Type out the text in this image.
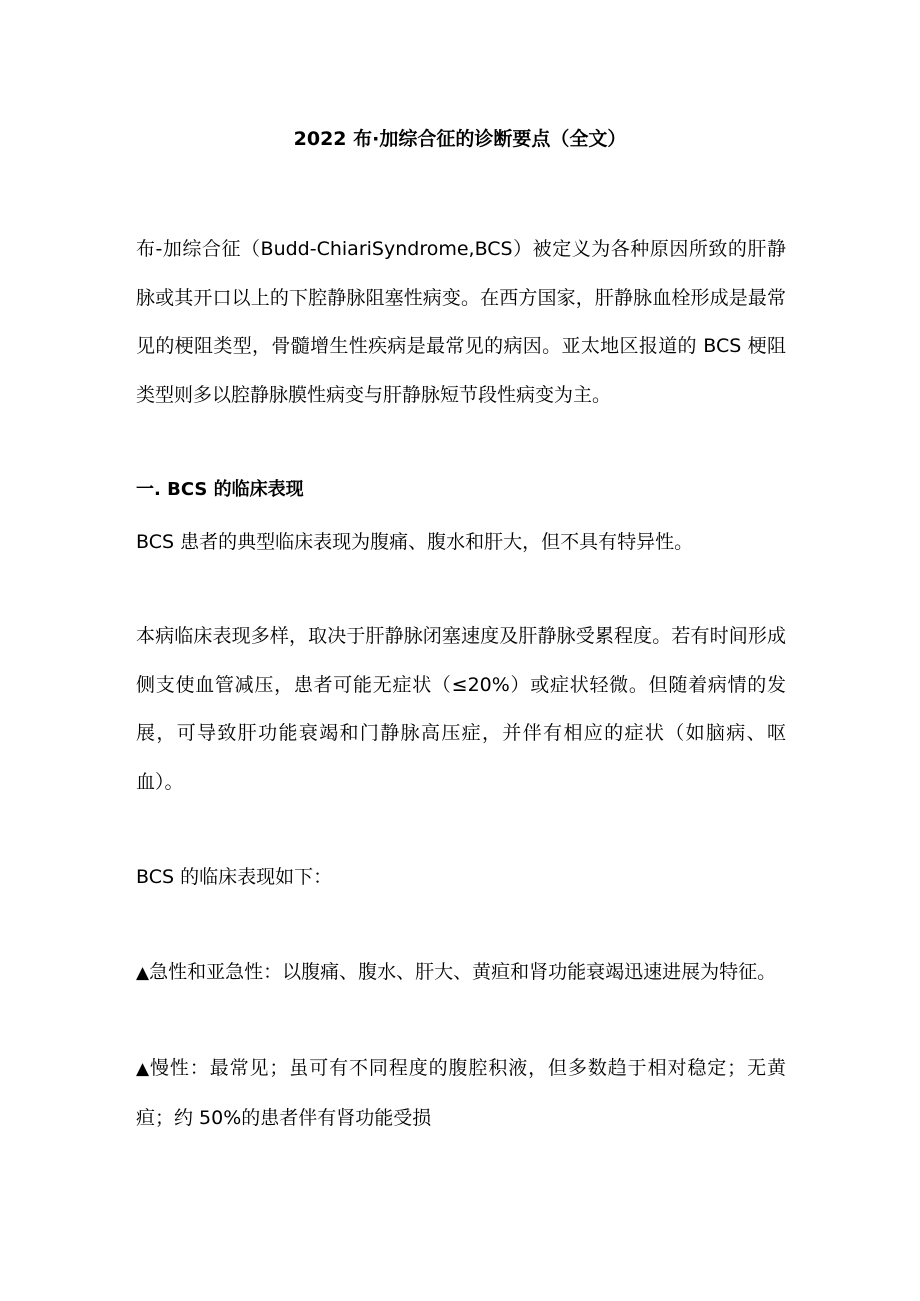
2022 布·加综合征的诊断要点（全文）
布-加综合征（Budd-ChiariSyndrome,BCS）被定义为各种原因所致的肝静脉或其开口以上的下腔静脉阻塞性病变。在西方国家，肝静脉血栓形成是最常见的梗阻类型，骨髓增生性疾病是最常见的病因。亚太地区报道的 BCS 梗阻类型则多以腔静脉膜性病变与肝静脉短节段性病变为主。
一. BCS 的临床表现
BCS 患者的典型临床表现为腹痛、腹水和肝大，但不具有特异性。
本病临床表现多样，取决于肝静脉闭塞速度及肝静脉受累程度。若有时间形成侧支使血管减压，患者可能无症状（≤20%）或症状轻微。但随着病情的发展，可导致肝功能衰竭和门静脉高压症，并伴有相应的症状（如脑病、呕血）。
BCS 的临床表现如下：
▲急性和亚急性：以腹痛、腹水、肝大、黄疸和肾功能衰竭迅速进展为特征。
▲慢性：最常见；虽可有不同程度的腹腔积液，但多数趋于相对稳定；无黄疸；约 50%的患者伴有肾功能受损
